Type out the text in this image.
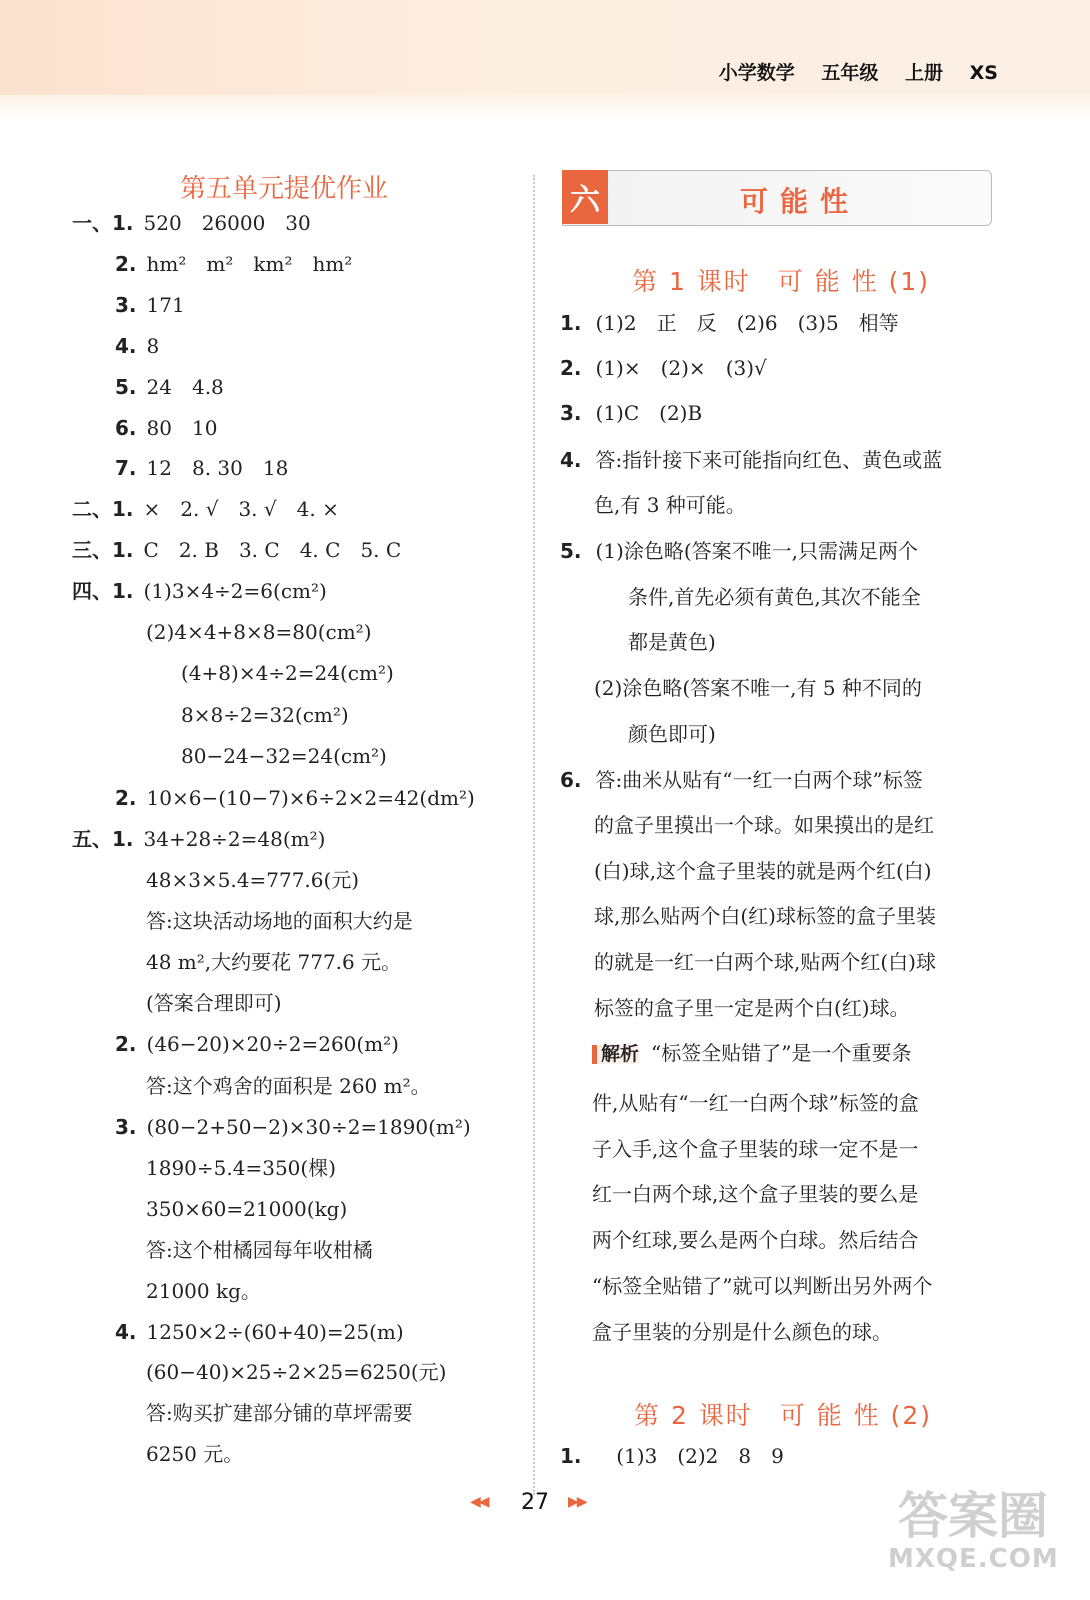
小学数学 五年级 上册 XS
第五单元提优作业
一、1. 520　26000　30
2. hm²　m²　km²　hm²
3. 171
4. 8
5. 24　4.8
6. 80　10
7. 12　8. 30　18
二、1. ×　2. √　3. √　4. ×
三、1. C　2. B　3. C　4. C　5. C
四、1. (1)3×4÷2=6(cm²)
(2)4×4+8×8=80(cm²)
(4+8)×4÷2=24(cm²)
8×8÷2=32(cm²)
80−24−32=24(cm²)
2. 10×6−(10−7)×6÷2×2=42(dm²)
五、1. 34+28÷2=48(m²)
48×3×5.4=777.6(元)
答:这块活动场地的面积大约是
48 m²,大约要花 777.6 元。
(答案合理即可)
2. (46−20)×20÷2=260(m²)
答:这个鸡舍的面积是 260 m²。
3. (80−2+50−2)×30÷2=1890(m²)
1890÷5.4=350(棵)
350×60=21000(kg)
答:这个柑橘园每年收柑橘
21000 kg。
4. 1250×2÷(60+40)=25(m)
(60−40)×25÷2×25=6250(元)
答:购买扩建部分铺的草坪需要
6250 元。
六	可能性
第 1 课时　可 能 性 (1)
1. (1)2　正　反　(2)6　(3)5　相等
2. (1)×　(2)×　(3)√
3. (1)C　(2)B
4. 答:指针接下来可能指向红色、黄色或蓝
色,有 3 种可能。
5. (1)涂色略(答案不唯一,只需满足两个
条件,首先必须有黄色,其次不能全
都是黄色)
(2)涂色略(答案不唯一,有 5 种不同的
颜色即可)
6. 答:曲米从贴有“一红一白两个球”标签
的盒子里摸出一个球。如果摸出的是红
(白)球,这个盒子里装的就是两个红(白)
球,那么贴两个白(红)球标签的盒子里装
的就是一红一白两个球,贴两个红(白)球
标签的盒子里一定是两个白(红)球。
解析 “标签全贴错了”是一个重要条
件,从贴有“一红一白两个球”标签的盒
子入手,这个盒子里装的球一定不是一
红一白两个球,这个盒子里装的要么是
两个红球,要么是两个白球。然后结合
“标签全贴错了”就可以判断出另外两个
盒子里装的分别是什么颜色的球。
第 2 课时　可 能 性 (2)
1. (1)3　(2)2　8　9
◀◀ 27 ▶▶	答案圈
MXQE.COM
